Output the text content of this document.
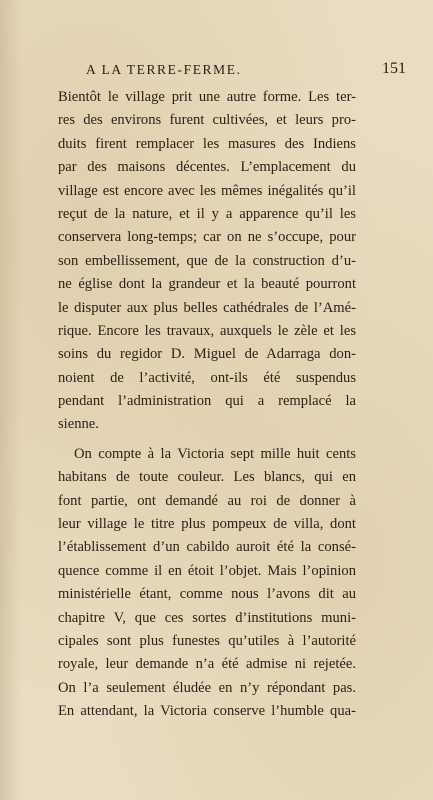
A LA TERRE-FERME.	151
Bientôt le village prit une autre forme. Les ter-
res des environs furent cultivées, et leurs pro-
duits firent remplacer les masures des Indiens
par des maisons décentes. L’emplacement du
village est encore avec les mêmes inégalités qu’il
reçut de la nature, et il y a apparence qu’il les
conservera long-temps; car on ne s’occupe, pour
son embellissement, que de la construction d’u-
ne église dont la grandeur et la beauté pourront
le disputer aux plus belles cathédrales de l’Amé-
rique. Encore les travaux, auxquels le zèle et les
soins du regidor D. Miguel de Adarraga don-
noient de l’activité, ont-ils été suspendus
pendant l’administration qui a remplacé la
sienne.
On compte à la Victoria sept mille huit cents
habitans de toute couleur. Les blancs, qui en
font partie, ont demandé au roi de donner à
leur village le titre plus pompeux de villa, dont
l’établissement d’un cabildo auroit été la consé-
quence comme il en étoit l’objet. Mais l’opinion
ministérielle étant, comme nous l’avons dit au
chapitre V, que ces sortes d’institutions muni-
cipales sont plus funestes qu’utiles à l’autorité
royale, leur demande n’a été admise ni rejetée.
On l’a seulement éludée en n’y répondant pas.
En attendant, la Victoria conserve l’humble qua-
